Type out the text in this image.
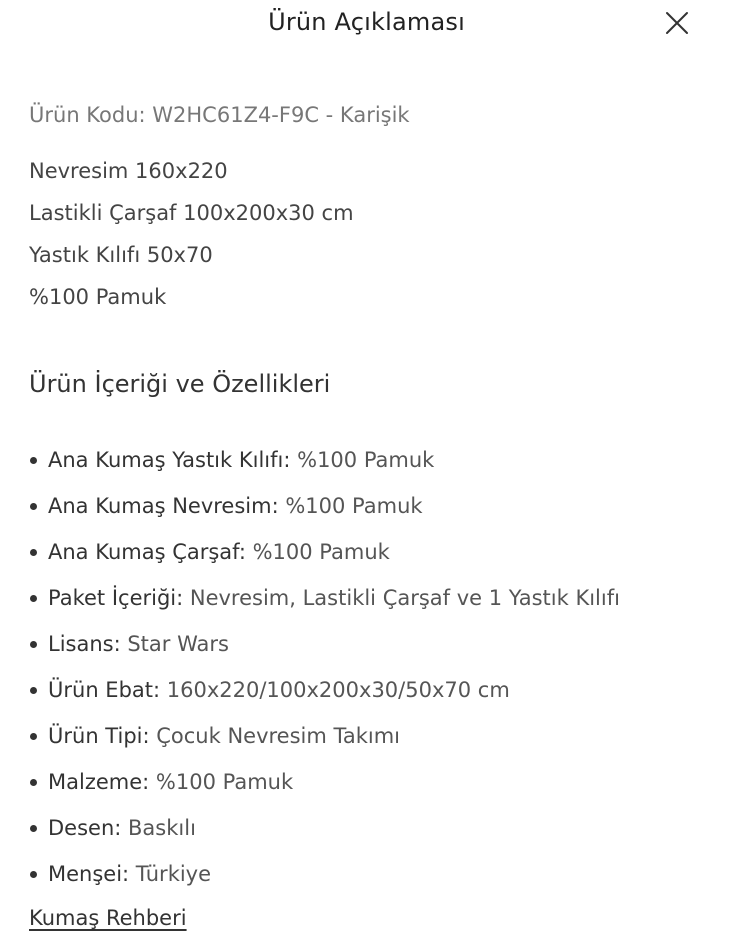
Ürün Açıklaması
Ürün Kodu: W2HC61Z4-F9C - Karişik
Nevresim 160x220
Lastikli Çarşaf 100x200x30 cm
Yastık Kılıfı 50x70
%100 Pamuk
Ürün İçeriği ve Özellikleri
Ana Kumaş Yastık Kılıfı: %100 Pamuk
Ana Kumaş Nevresim: %100 Pamuk
Ana Kumaş Çarşaf: %100 Pamuk
Paket İçeriği: Nevresim, Lastikli Çarşaf ve 1 Yastık Kılıfı
Lisans: Star Wars
Ürün Ebat: 160x220/100x200x30/50x70 cm
Ürün Tipi: Çocuk Nevresim Takımı
Malzeme: %100 Pamuk
Desen: Baskılı
Menşei: Türkiye
Kumaş Rehberi
